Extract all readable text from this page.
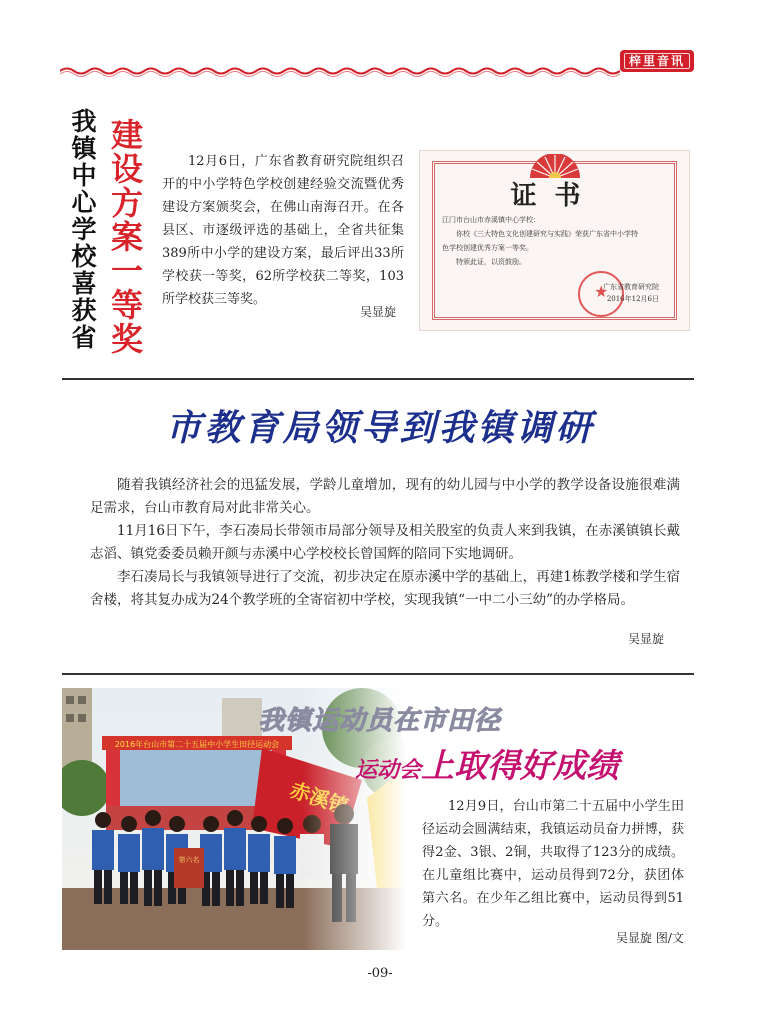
梓里音讯
我镇中心学校喜获省 建设方案一等奖	12月6日，广东省教育研究院组织召开的中小学特色学校创建经验交流暨优秀建设方案颁奖会，在佛山南海召开。在各县区、市逐级评选的基础上，全省共征集389所中小学的建设方案，最后评出33所学校获一等奖，62所学校获二等奖，103所学校获三等奖。
吴显旋
证书
江门市台山市赤溪镇中心学校：
你校《三大特色文化创建研究与实践》荣获广东省中小学特
色学校创建优秀方案一等奖。
特颁此证，以资鼓励。
★
广东省教育研究院
2016年12月6日
市教育局领导到我镇调研

随着我镇经济社会的迅猛发展，学龄儿童增加，现有的幼儿园与中小学的教学设备设施很难满足需求，台山市教育局对此非常关心。

11月16日下午，李石凑局长带领市局部分领导及相关股室的负责人来到我镇，在赤溪镇镇长戴志滔、镇党委委员赖开颜与赤溪中心学校校长曾国辉的陪同下实地调研。

李石凑局长与我镇领导进行了交流，初步决定在原赤溪中学的基础上，再建1栋教学楼和学生宿舍楼，将其复办成为24个教学班的全寄宿初中学校，实现我镇“一中二小三幼”的办学格局。

吴显旋
我镇运动员在市田径
运动会上取得好成绩
12月9日，台山市第二十五届中小学生田径运动会圆满结束，我镇运动员奋力拼博，获得2金、3银、2铜，共取得了123分的成绩。在儿童组比赛中，运动员得到72分，获团体第六名。在少年乙组比赛中，运动员得到51分。
吴显旋 图/文
-09-
